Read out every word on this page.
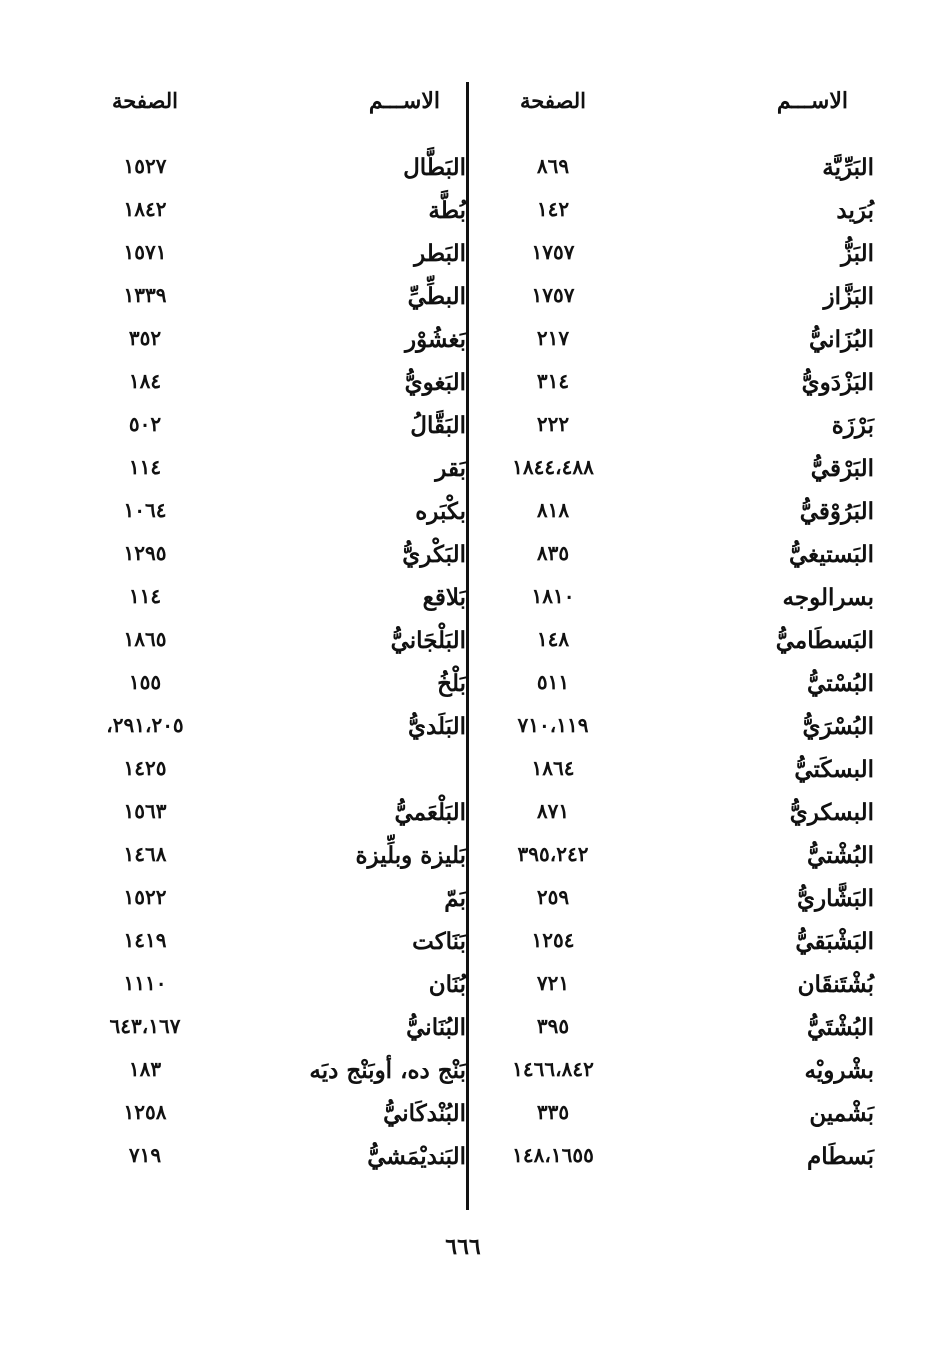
الاســـم
الصفحة
البَرِّيَّة
٨٦٩
بُرَيد
١٤٢
البَزُّ
١٧٥٧
البَزَّاز
١٧٥٧
البُزَانيُّ
٢١٧
البَزْدَويُّ
٣١٤
بَرْزَة
٢٢٢
البَرْقيُّ
١٨٤٤،٤٨٨
البَرُوْقيُّ
٨١٨
البَستيغيُّ
٨٣٥
بسرالوجه
١٨١٠
البَسطَاميُّ
١٤٨
البُسْتيُّ
٥١١
البُسْرَيُّ
٧١٠،١١٩
البسكَتيُّ
١٨٦٤
البسكريُّ
٨٧١
البُشْتيُّ
٣٩٥،٢٤٢
البَشَّاريُّ
٢٥٩
البَشْبَقيُّ
١٢٥٤
بُشْتَنقَان
٧٢١
البُشْتَيُّ
٣٩٥
بشْرويْه
١٤٦٦،٨٤٢
بَشْمين
٣٣٥
بَسطَام
١٤٨،١٦٥٥
الاســـم
الصفحة
البَطَّال
١٥٢٧
بُطَّة
١٨٤٢
البَطر
١٥٧١
البطِّيِّ
١٣٣٩
بَغشُوْر
٣٥٢
البَغويُّ
١٨٤
البَقَّالُ
٥٠٢
بَقر
١١٤
بكْبَره
١٠٦٤
البَكْريُّ
١٢٩٥
بَلاقع
١١٤
البَلْجَانيُّ
١٨٦٥
بَلْخُ
١٥٥
البَلَديُّ
٢٩١،٢٠٥،
١٤٢٥
البَلْعَميُّ
١٥٦٣
بَليزة وبلِّيزة
١٤٦٨
بَمّ
١٥٢٢
بَنَاكت
١٤١٩
بُنَان
١١١٠
البُنَانيُّ
٦٤٣،١٦٧
بَنْج ده، أوبَنْج ديَه
١٨٣
البُنْدكَانيُّ
١٢٥٨
البَنديْمَشيُّ
٧١٩
٦٦٦
